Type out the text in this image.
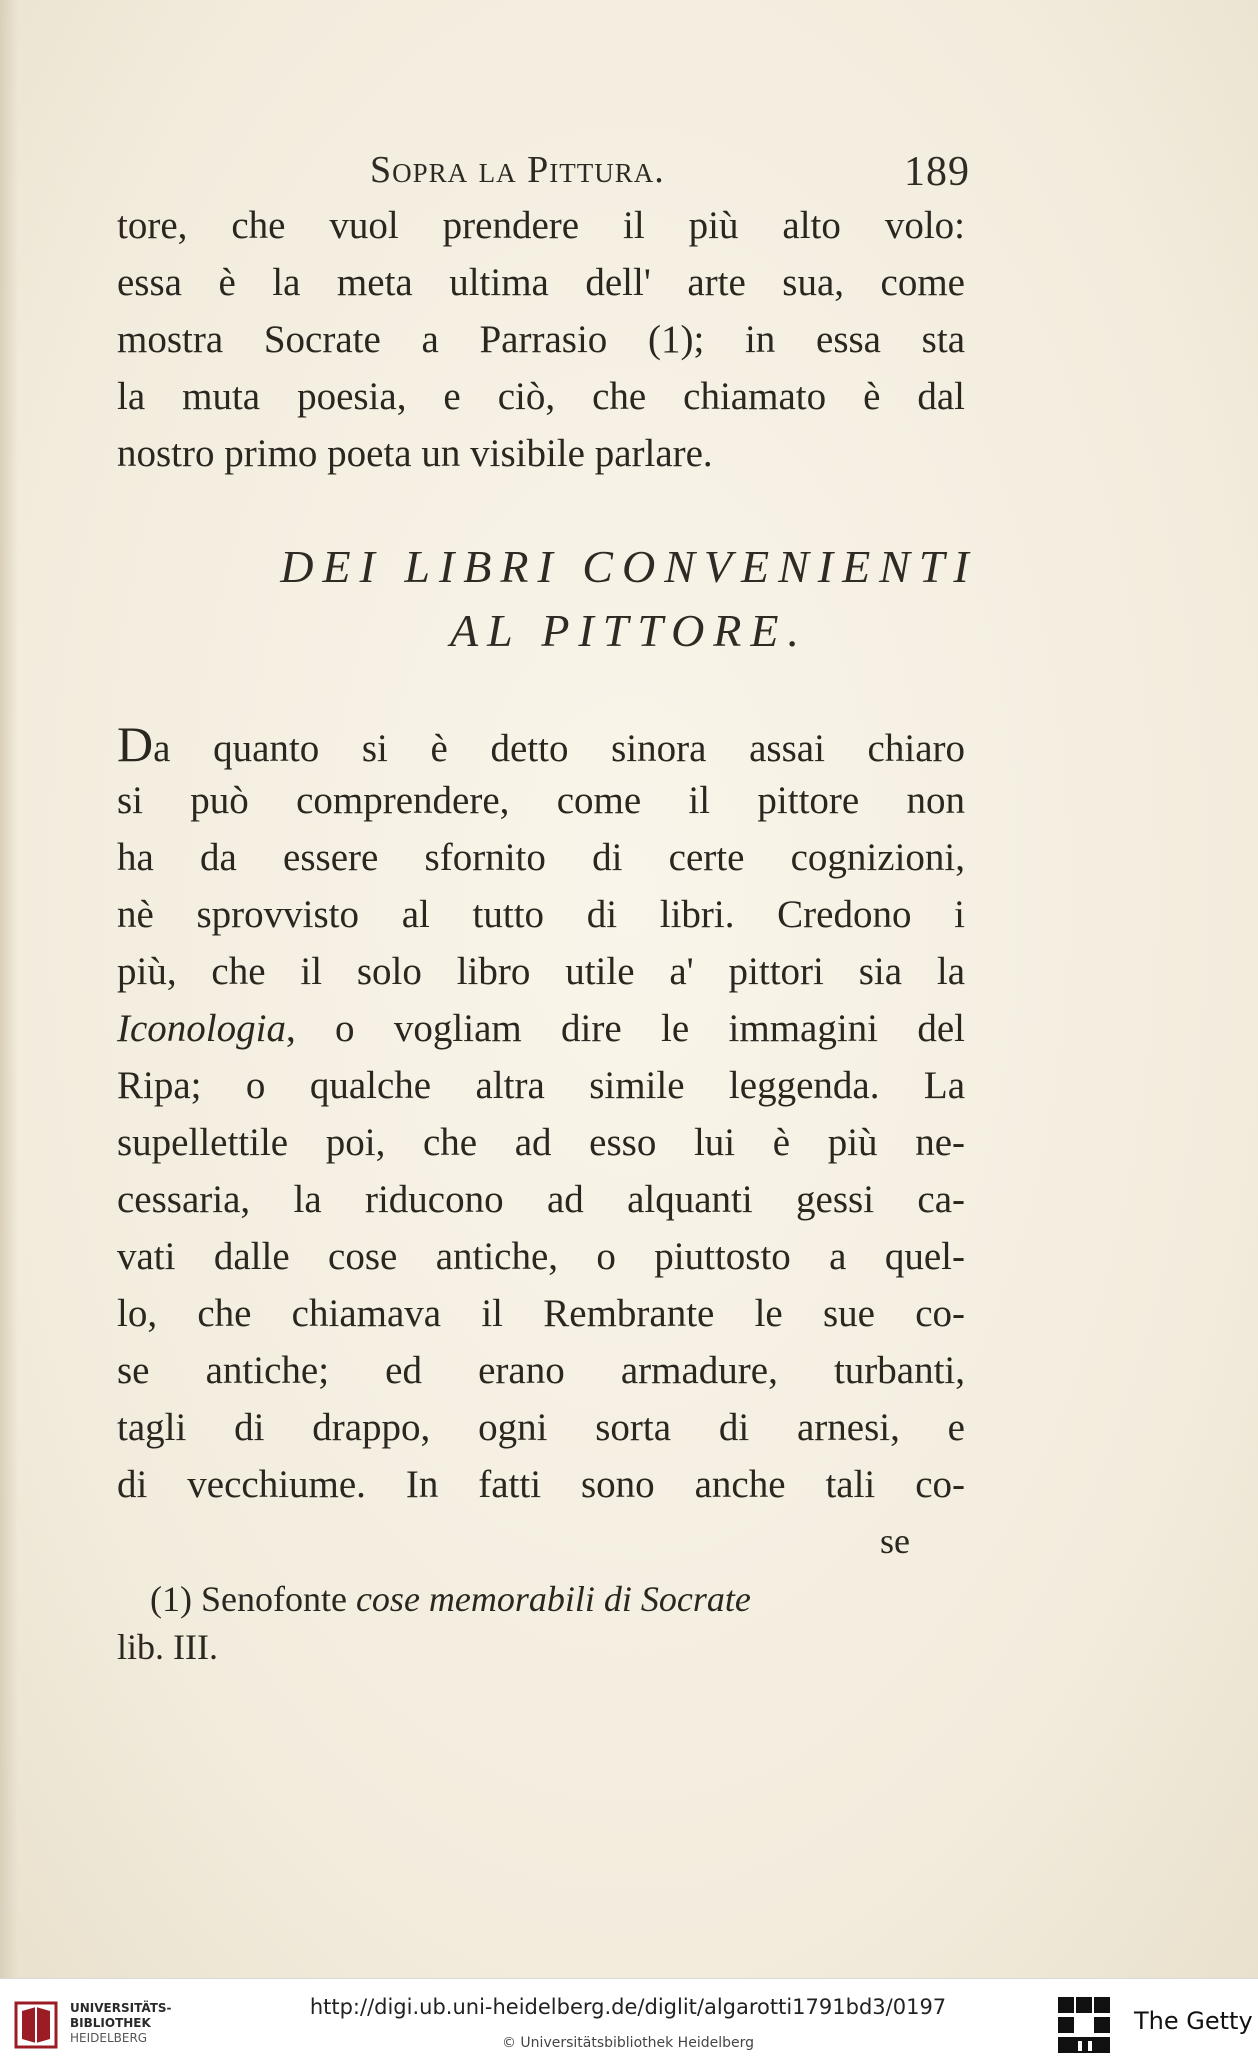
Sopra la Pittura.	189
tore, che vuol prendere il più alto volo:
essa è la meta ultima dell' arte sua, come
mostra Socrate a Parrasio (1); in essa sta
la muta poesia, e ciò, che chiamato è dal
nostro primo poeta un visibile parlare.
DEI LIBRI CONVENIENTI
AL PITTORE.
Da quanto si è detto sinora assai chiaro
si può comprendere, come il pittore non
ha da essere sfornito di certe cognizioni,
nè sprovvisto al tutto di libri. Credono i
più, che il solo libro utile a' pittori sia la
Iconologia, o vogliam dire le immagini del
Ripa; o qualche altra simile leggenda. La
supellettile poi, che ad esso lui è più ne-
cessaria, la riducono ad alquanti gessi ca-
vati dalle cose antiche, o piuttosto a quel-
lo, che chiamava il Rembrante le sue co-
se antiche; ed erano armadure, turbanti,
tagli di drappo, ogni sorta di arnesi, e
di vecchiume. In fatti sono anche tali co-
se
(1) Senofonte cose memorabili di Socrate
lib. III.
UNIVERSITÄTS-
BIBLIOTHEK
HEIDELBERG
http://digi.ub.uni-heidelberg.de/diglit/algarotti1791bd3/0197
© Universitätsbibliothek Heidelberg
The Getty
